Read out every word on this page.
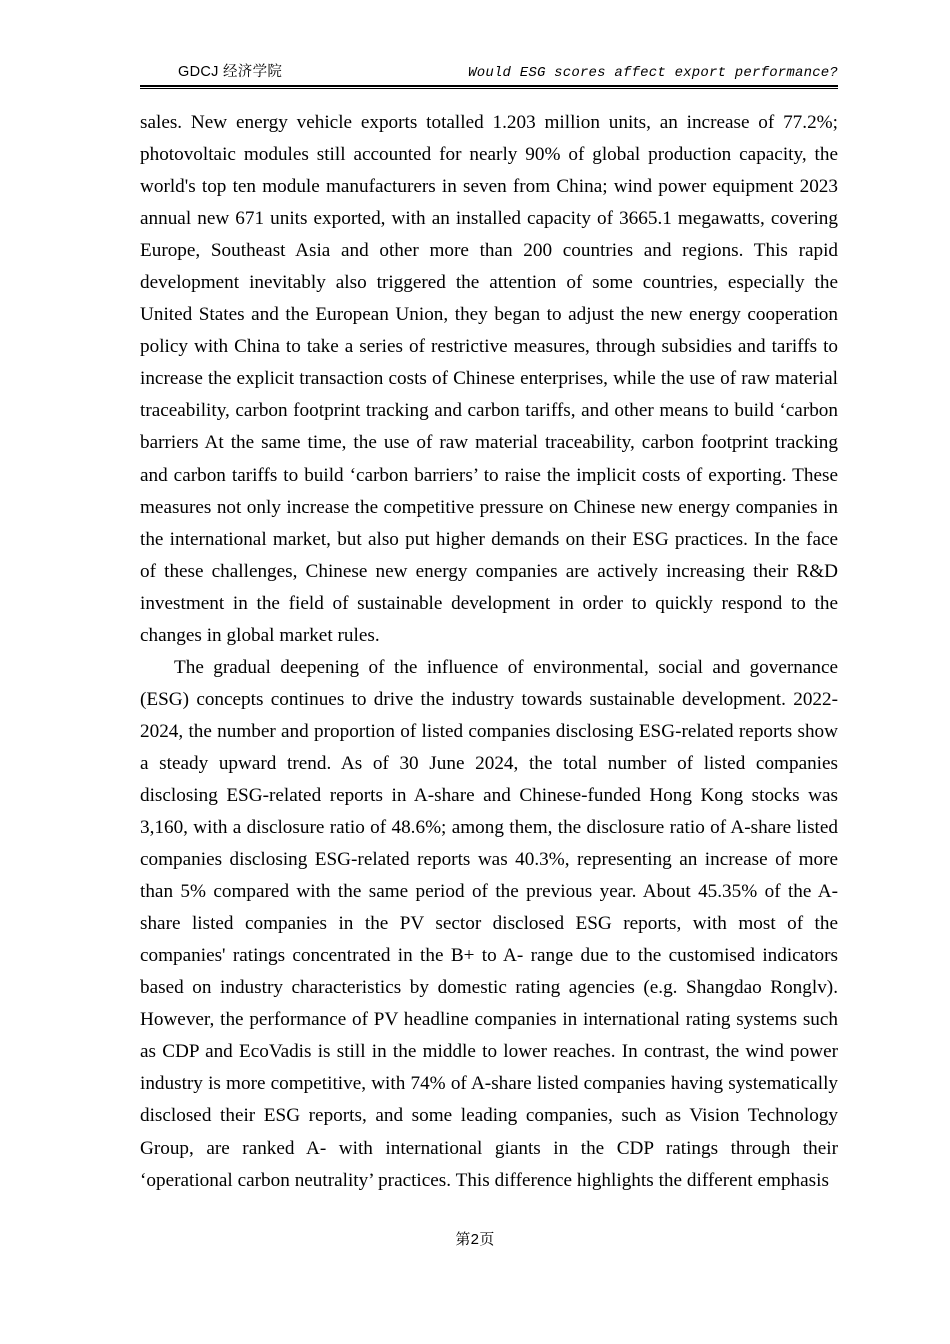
GDCJ 经济学院	Would ESG scores affect export performance?

sales. New energy vehicle exports totalled 1.203 million units, an increase of 77.2%; photovoltaic modules still accounted for nearly 90% of global production capacity, the world's top ten module manufacturers in seven from China; wind power equipment 2023 annual new 671 units exported, with an installed capacity of 3665.1 megawatts, covering Europe, Southeast Asia and other more than 200 countries and regions. This rapid development inevitably also triggered the attention of some countries, especially the United States and the European Union, they began to adjust the new energy cooperation policy with China to take a series of restrictive measures, through subsidies and tariffs to increase the explicit transaction costs of Chinese enterprises, while the use of raw material traceability, carbon footprint tracking and carbon tariffs, and other means to build ‘carbon barriers At the same time, the use of raw material traceability, carbon footprint tracking and carbon tariffs to build ‘carbon barriers’ to raise the implicit costs of exporting. These measures not only increase the competitive pressure on Chinese new energy companies in the international market, but also put higher demands on their ESG practices. In the face of these challenges, Chinese new energy companies are actively increasing their R&D investment in the field of sustainable development in order to quickly respond to the changes in global market rules.

The gradual deepening of the influence of environmental, social and governance (ESG) concepts continues to drive the industry towards sustainable development. 2022-2024, the number and proportion of listed companies disclosing ESG-related reports show a steady upward trend. As of 30 June 2024, the total number of listed companies disclosing ESG-related reports in A-share and Chinese-funded Hong Kong stocks was 3,160, with a disclosure ratio of 48.6%; among them, the disclosure ratio of A-share listed companies disclosing ESG-related reports was 40.3%, representing an increase of more than 5% compared with the same period of the previous year. About 45.35% of the A-share listed companies in the PV sector disclosed ESG reports, with most of the companies' ratings concentrated in the B+ to A- range due to the customised indicators based on industry characteristics by domestic rating agencies (e.g. Shangdao Ronglv). However, the performance of PV headline companies in international rating systems such as CDP and EcoVadis is still in the middle to lower reaches. In contrast, the wind power industry is more competitive, with 74% of A-share listed companies having systematically disclosed their ESG reports, and some leading companies, such as Vision Technology Group, are ranked A- with international giants in the CDP ratings through their ‘operational carbon neutrality’ practices. This difference highlights the different emphasis

第2页
